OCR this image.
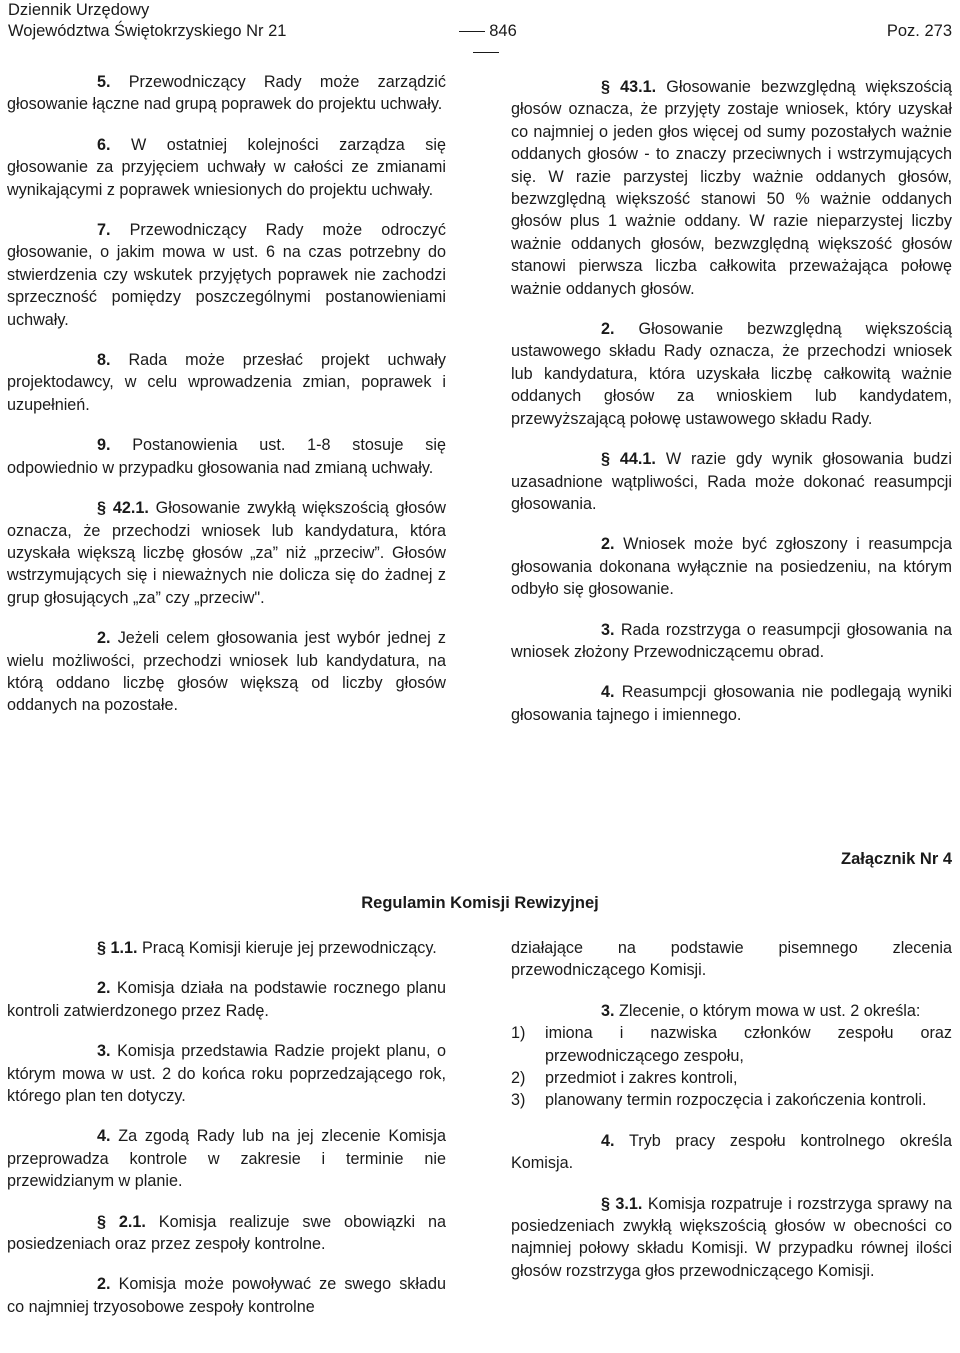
Dziennik Urzędowy
Województwa Świętokrzyskiego Nr 21	846	Poz. 273

5. Przewodniczący Rady może zarządzić głosowanie łączne nad grupą poprawek do projektu uchwały.

6. W ostatniej kolejności zarządza się głosowanie za przyjęciem uchwały w całości ze zmianami wynikającymi z poprawek wniesionych do projektu uchwały.

7. Przewodniczący Rady może odroczyć głosowanie, o jakim mowa w ust. 6 na czas potrzebny do stwierdzenia czy wskutek przyjętych poprawek nie zachodzi sprzeczność pomiędzy poszczególnymi postanowieniami uchwały.

8. Rada może przesłać projekt uchwały projektodawcy, w celu wprowadzenia zmian, poprawek i uzupełnień.

9. Postanowienia ust. 1-8 stosuje się odpowiednio w przypadku głosowania nad zmianą uchwały.

§ 42.1. Głosowanie zwykłą większością głosów oznacza, że przechodzi wniosek lub kandydatura, która uzyskała większą liczbę głosów „za” niż „przeciw”. Głosów wstrzymujących się i nieważnych nie dolicza się do żadnej z grup głosujących „za” czy „przeciw".

2. Jeżeli celem głosowania jest wybór jednej z wielu możliwości, przechodzi wniosek lub kandydatura, na którą oddano liczbę głosów większą od liczby głosów oddanych na pozostałe.

§ 43.1. Głosowanie bezwzględną większością głosów oznacza, że przyjęty zostaje wniosek, który uzyskał co najmniej o jeden głos więcej od sumy pozostałych ważnie oddanych głosów - to znaczy przeciwnych i wstrzymujących się. W razie parzystej liczby ważnie oddanych głosów, bezwzględną większość stanowi 50 % ważnie oddanych głosów plus 1 ważnie oddany. W razie nieparzystej liczby ważnie oddanych głosów, bezwzględną większość głosów stanowi pierwsza liczba całkowita przeważająca połowę ważnie oddanych głosów.

2. Głosowanie bezwzględną większością ustawowego składu Rady oznacza, że przechodzi wniosek lub kandydatura, która uzyskała liczbę całkowitą ważnie oddanych głosów za wnioskiem lub kandydatem, przewyższającą połowę ustawowego składu Rady.

§ 44.1. W razie gdy wynik głosowania budzi uzasadnione wątpliwości, Rada może dokonać reasumpcji głosowania.

2. Wniosek może być zgłoszony i reasumpcja głosowania dokonana wyłącznie na posiedzeniu, na którym odbyło się głosowanie.

3. Rada rozstrzyga o reasumpcji głosowania na wniosek złożony Przewodniczącemu obrad.

4. Reasumpcji głosowania nie podlegają wyniki głosowania tajnego i imiennego.

Załącznik Nr 4
Regulamin Komisji Rewizyjnej

§ 1.1. Pracą Komisji kieruje jej przewodniczący.

2. Komisja działa na podstawie rocznego planu kontroli zatwierdzonego przez Radę.

3. Komisja przedstawia Radzie projekt planu, o którym mowa w ust. 2 do końca roku poprzedzającego rok, którego plan ten dotyczy.

4. Za zgodą Rady lub na jej zlecenie Komisja przeprowadza kontrole w zakresie i terminie nie przewidzianym w planie.

§ 2.1. Komisja realizuje swe obowiązki na posiedzeniach oraz przez zespoły kontrolne.

2. Komisja może powoływać ze swego składu co najmniej trzyosobowe zespoły kontrolne

działające na podstawie pisemnego zlecenia przewodniczącego Komisji.

3. Zlecenie, o którym mowa w ust. 2 określa:

1)	imiona i nazwiska członków zespołu oraz przewodniczącego zespołu,
2)	przedmiot i zakres kontroli,
3)	planowany termin rozpoczęcia i zakończenia kontroli.

4. Tryb pracy zespołu kontrolnego określa Komisja.

§ 3.1. Komisja rozpatruje i rozstrzyga sprawy na posiedzeniach zwykłą większością głosów w obecności co najmniej połowy składu Komisji. W przypadku równej ilości głosów rozstrzyga głos przewodniczącego Komisji.
